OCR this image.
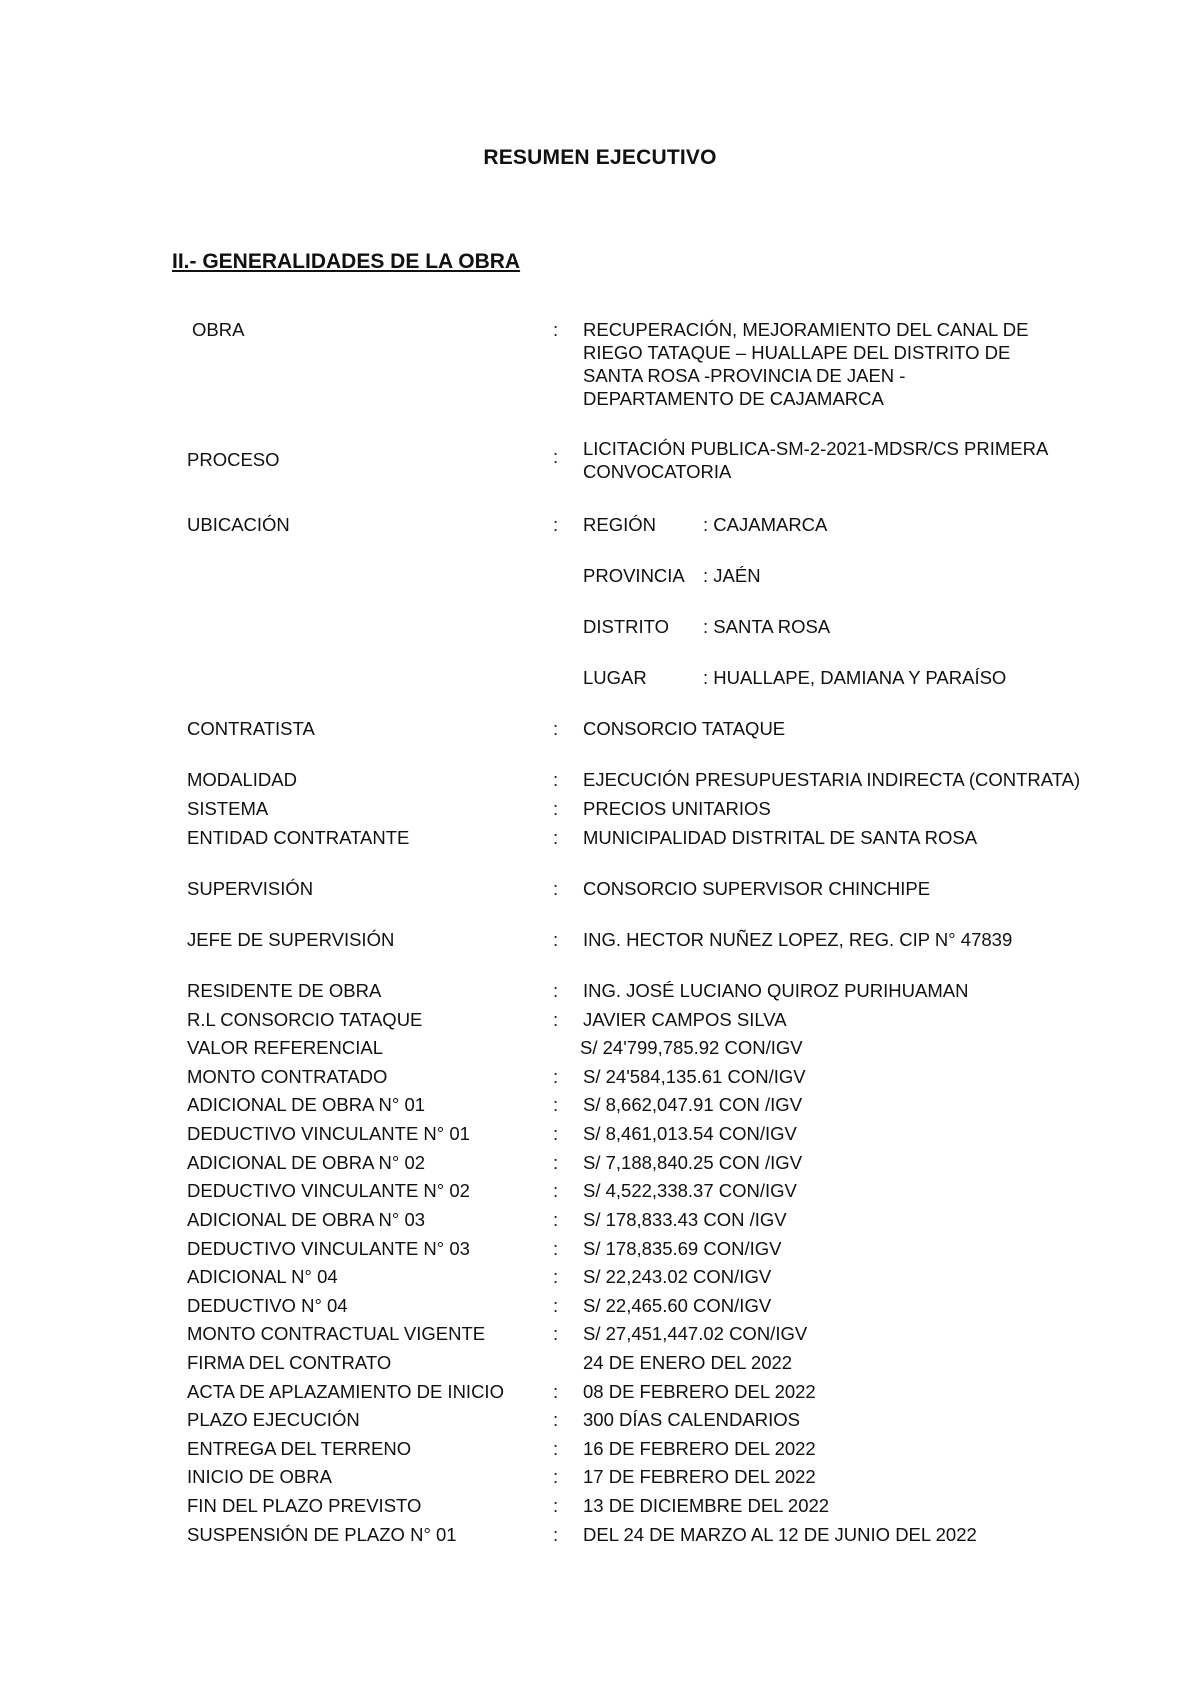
RESUMEN EJECUTIVO
II.- GENERALIDADES DE LA OBRA
OBRA	: RECUPERACIÓN, MEJORAMIENTO DEL CANAL DE
RIEGO TATAQUE – HUALLAPE DEL DISTRITO DE
SANTA ROSA -PROVINCIA DE JAEN -
DEPARTAMENTO DE CAJAMARCA
PROCESO	: LICITACIÓN PUBLICA-SM-2-2021-MDSR/CS PRIMERA
CONVOCATORIA
UBICACIÓN	: REGIÓN	: CAJAMARCA
PROVINCIA : JAÉN
DISTRITO : SANTA ROSA
LUGAR	: HUALLAPE, DAMIANA Y PARAÍSO
CONTRATISTA	: CONSORCIO TATAQUE
MODALIDAD	: EJECUCIÓN PRESUPUESTARIA INDIRECTA (CONTRATA)
SISTEMA	: PRECIOS UNITARIOS
ENTIDAD CONTRATANTE	: MUNICIPALIDAD DISTRITAL DE SANTA ROSA
SUPERVISIÓN	: CONSORCIO SUPERVISOR CHINCHIPE
JEFE DE SUPERVISIÓN	: ING. HECTOR NUÑEZ LOPEZ, REG. CIP N° 47839
RESIDENTE DE OBRA	: ING. JOSÉ LUCIANO QUIROZ PURIHUAMAN
R.L CONSORCIO TATAQUE	: JAVIER CAMPOS SILVA
VALOR REFERENCIAL	S/ 24'799,785.92 CON/IGV
MONTO CONTRATADO	: S/ 24'584,135.61 CON/IGV
ADICIONAL DE OBRA N° 01	: S/ 8,662,047.91 CON /IGV
DEDUCTIVO VINCULANTE N° 01	: S/ 8,461,013.54 CON/IGV
ADICIONAL DE OBRA N° 02	: S/ 7,188,840.25 CON /IGV
DEDUCTIVO VINCULANTE N° 02	: S/ 4,522,338.37 CON/IGV
ADICIONAL DE OBRA N° 03	: S/ 178,833.43 CON /IGV
DEDUCTIVO VINCULANTE N° 03	: S/ 178,835.69 CON/IGV
ADICIONAL N° 04	: S/ 22,243.02 CON/IGV
DEDUCTIVO N° 04	: S/ 22,465.60 CON/IGV
MONTO CONTRACTUAL VIGENTE	: S/ 27,451,447.02 CON/IGV
FIRMA DEL CONTRATO	24 DE ENERO DEL 2022
ACTA DE APLAZAMIENTO DE INICIO	: 08 DE FEBRERO DEL 2022
PLAZO EJECUCIÓN	: 300 DÍAS CALENDARIOS
ENTREGA DEL TERRENO	: 16 DE FEBRERO DEL 2022
INICIO DE OBRA	: 17 DE FEBRERO DEL 2022
FIN DEL PLAZO PREVISTO	: 13 DE DICIEMBRE DEL 2022
SUSPENSIÓN DE PLAZO N° 01	: DEL 24 DE MARZO AL 12 DE JUNIO DEL 2022
